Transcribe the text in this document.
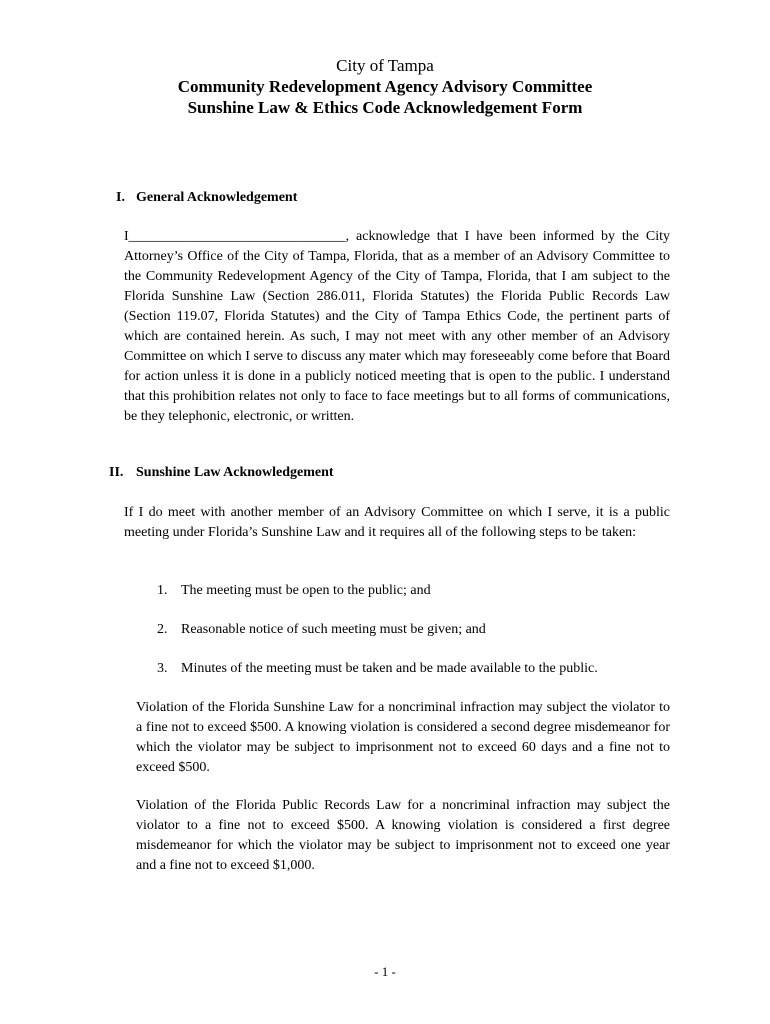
City of Tampa
Community Redevelopment Agency Advisory Committee
Sunshine Law & Ethics Code Acknowledgement Form
I. General Acknowledgement
I_______________________________, acknowledge that I have been informed by the City Attorney’s Office of the City of Tampa, Florida, that as a member of an Advisory Committee to the Community Redevelopment Agency of the City of Tampa, Florida, that I am subject to the Florida Sunshine Law (Section 286.011, Florida Statutes) the Florida Public Records Law (Section 119.07, Florida Statutes) and the City of Tampa Ethics Code, the pertinent parts of which are contained herein. As such, I may not meet with any other member of an Advisory Committee on which I serve to discuss any mater which may foreseeably come before that Board for action unless it is done in a publicly noticed meeting that is open to the public. I understand that this prohibition relates not only to face to face meetings but to all forms of communications, be they telephonic, electronic, or written.
II. Sunshine Law Acknowledgement
If I do meet with another member of an Advisory Committee on which I serve, it is a public meeting under Florida’s Sunshine Law and it requires all of the following steps to be taken:
1. The meeting must be open to the public; and
2. Reasonable notice of such meeting must be given; and
3. Minutes of the meeting must be taken and be made available to the public.
Violation of the Florida Sunshine Law for a noncriminal infraction may subject the violator to a fine not to exceed $500. A knowing violation is considered a second degree misdemeanor for which the violator may be subject to imprisonment not to exceed 60 days and a fine not to exceed $500.
Violation of the Florida Public Records Law for a noncriminal infraction may subject the violator to a fine not to exceed $500. A knowing violation is considered a first degree misdemeanor for which the violator may be subject to imprisonment not to exceed one year and a fine not to exceed $1,000.
- 1 -
